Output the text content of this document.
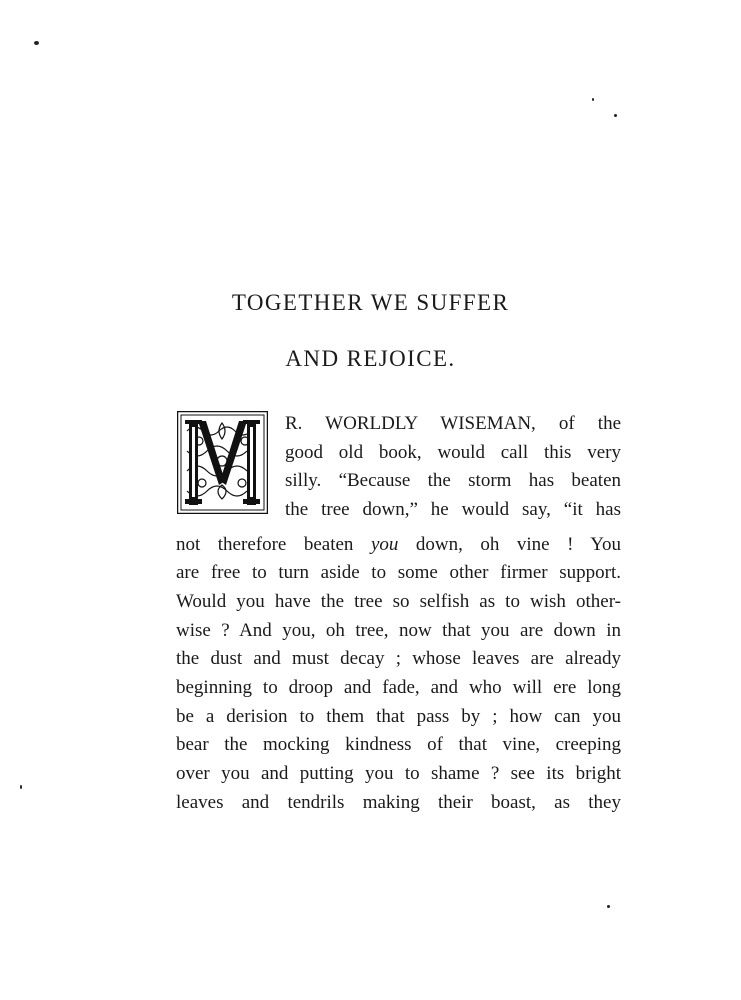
TOGETHER WE SUFFER
AND REJOICE.

R. WORLDLY WISEMAN, of the

good old book, would call this very

silly. “Because the storm has beaten

the tree down,” he would say, “it has

not therefore beaten you down, oh vine ! You

are free to turn aside to some other firmer support.

Would you have the tree so selfish as to wish other-

wise ? And you, oh tree, now that you are down in

the dust and must decay ; whose leaves are already

beginning to droop and fade, and who will ere long

be a derision to them that pass by ; how can you

bear the mocking kindness of that vine, creeping

over you and putting you to shame ? see its bright

leaves and tendrils making their boast, as they
